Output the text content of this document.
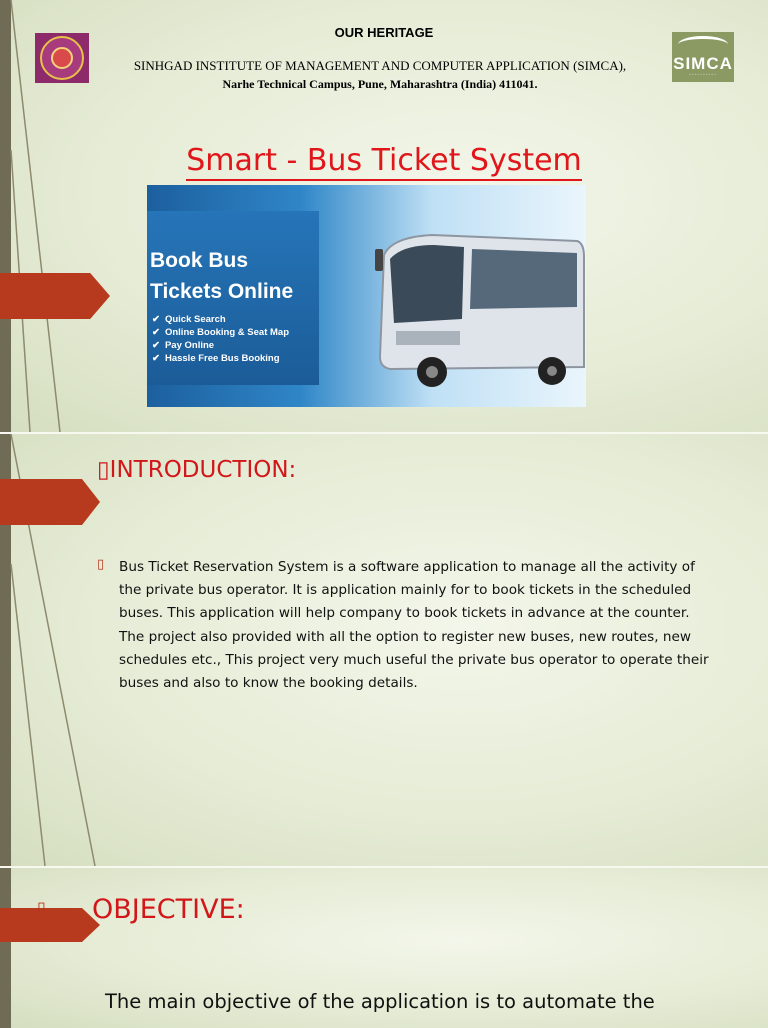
SIMCA
◦◦◦◦◦◦◦◦◦◦
OUR HERITAGE
SINHGAD INSTITUTE OF MANAGEMENT AND COMPUTER APPLICATION (SIMCA),
Narhe Technical Campus, Pune, Maharashtra (India) 411041.
Smart - Bus Ticket System
Book Bus
Tickets Online
✔ Quick Search
✔ Online Booking & Seat Map
✔ Pay Online
✔ Hassle Free Bus Booking
▯INTRODUCTION:
▯ Bus Ticket Reservation System is a software application to manage all the activity of the private bus operator. It is application mainly for to book tickets in the scheduled buses. This application will help company to book tickets in advance at the counter. The project also provided with all the option to register new buses, new routes, new schedules etc., This project very much useful the private bus operator to operate their buses and also to know the booking details.
▯ OBJECTIVE:
The main objective of the application is to automate the
